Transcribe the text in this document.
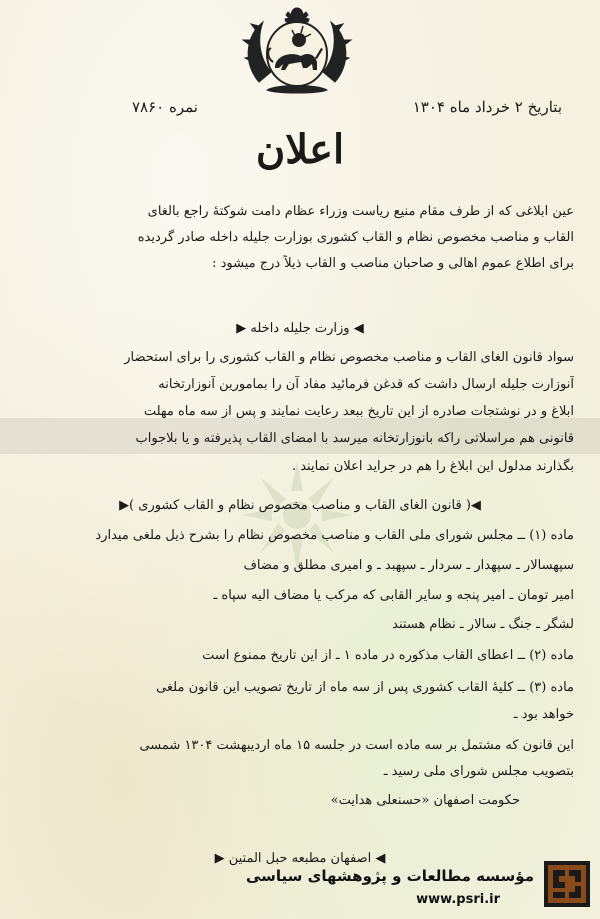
بتاریخ ۲ خرداد ماه ۱۳۰۴
نمره ۷۸۶۰
اعلان
عین ابلاغی که از طرف مقام منیع ریاست وزراء عظام دامت شوکتهٔ راجع بالغای
القاب و مناصب مخصوص نظام و القاب کشوری بوزارت جلیله داخله صادر گردیده
برای اطلاع عموم اهالی و صاحبان مناصب و القاب ذیلاً درج میشود :
◀ وزارت جلیله داخله ▶
سواد قانون الغای القاب و مناصب مخصوص نظام و القاب کشوری را برای استحضار
آنوزارت جلیله ارسال داشت که قدغن فرمائید مفاد آن را بمامورین آنوزارتخانه
ابلاغ و در نوشتجات صادره از این تاریخ ببعد رعایت نمایند و پس از سه ماه مهلت
قانونی هم مراسلاتی راکه بانوزارتخانه میرسد با امضای القاب پذیرفته و یا بلاجواب
بگذارند مدلول این ابلاغ را هم در جراید اعلان نمایند .
◀( قانون الغای القاب و مناصب مخصوص نظام و القاب کشوری )▶
ماده (۱) ــ مجلس شورای ملی القاب و مناصب مخصوص نظام را بشرح ذیل ملغی میدارد
سپهسالار ـ سپهدار ـ سردار ـ سپهبد ـ و امیری مطلق و مضاف
امیر تومان ـ امیر پنجه و سایر القابی که مرکب یا مضاف الیه سپاه ـ
لشگر ـ جنگ ـ سالار ـ نظام هستند
ماده (۲) ــ اعطای القاب مذکوره در ماده ۱ ـ از این تاریخ ممنوع است
ماده (۳) ــ کلیهٔ القاب کشوری پس از سه ماه از تاریخ تصویب این قانون ملغی
خواهد بود ـ
این قانون که مشتمل بر سه ماده است در جلسه ۱۵ ماه اردیبهشت ۱۳۰۴ شمسی
بتصویب مجلس شورای ملی رسید ـ
حکومت اصفهان «حسنعلی هدایت»
◀ اصفهان مطبعه حبل المتین ▶
مؤسسه مطالعات و پژوهشهای سیاسی
www.psri.ir
